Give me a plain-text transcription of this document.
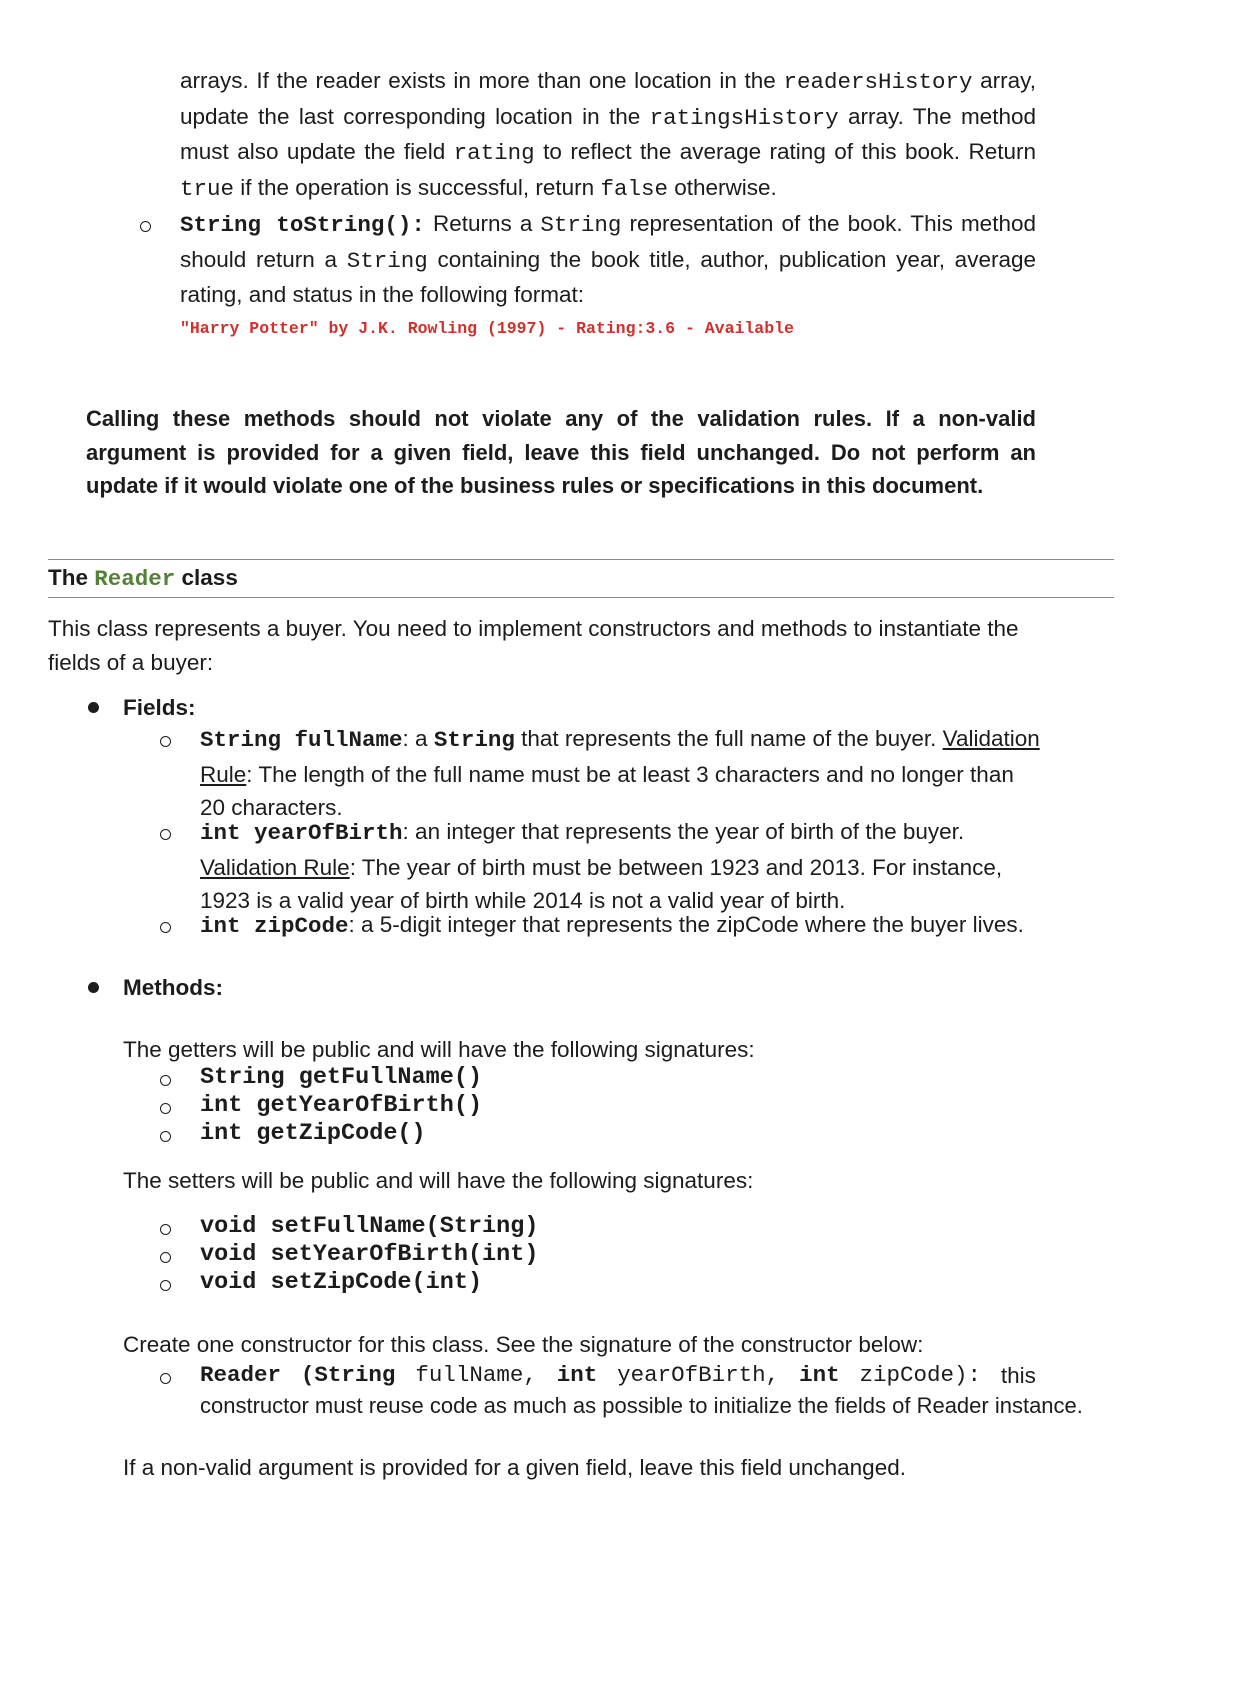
arrays. If the reader exists in more than one location in the readersHistory array, update the last corresponding location in the ratingsHistory array. The method must also update the field rating to reflect the average rating of this book. Return true if the operation is successful, return false otherwise.
String toString(): Returns a String representation of the book. This method should return a String containing the book title, author, publication year, average rating, and status in the following format:
"Harry Potter" by J.K. Rowling (1997) - Rating:3.6 - Available
Calling these methods should not violate any of the validation rules. If a non-valid argument is provided for a given field, leave this field unchanged. Do not perform an update if it would violate one of the business rules or specifications in this document.
The Reader class
This class represents a buyer. You need to implement constructors and methods to instantiate the fields of a buyer:
Fields:
String fullName: a String that represents the full name of the buyer. Validation Rule: The length of the full name must be at least 3 characters and no longer than 20 characters.
int yearOfBirth: an integer that represents the year of birth of the buyer. Validation Rule: The year of birth must be between 1923 and 2013. For instance, 1923 is a valid year of birth while 2014 is not a valid year of birth.
int zipCode: a 5-digit integer that represents the zipCode where the buyer lives.
Methods:
The getters will be public and will have the following signatures:
String getFullName()
int getYearOfBirth()
int getZipCode()
The setters will be public and will have the following signatures:
void setFullName(String)
void setYearOfBirth(int)
void setZipCode(int)
Create one constructor for this class. See the signature of the constructor below:
Reader (String fullName, int yearOfBirth, int zipCode): this
constructor must reuse code as much as possible to initialize the fields of Reader instance.
If a non-valid argument is provided for a given field, leave this field unchanged.
